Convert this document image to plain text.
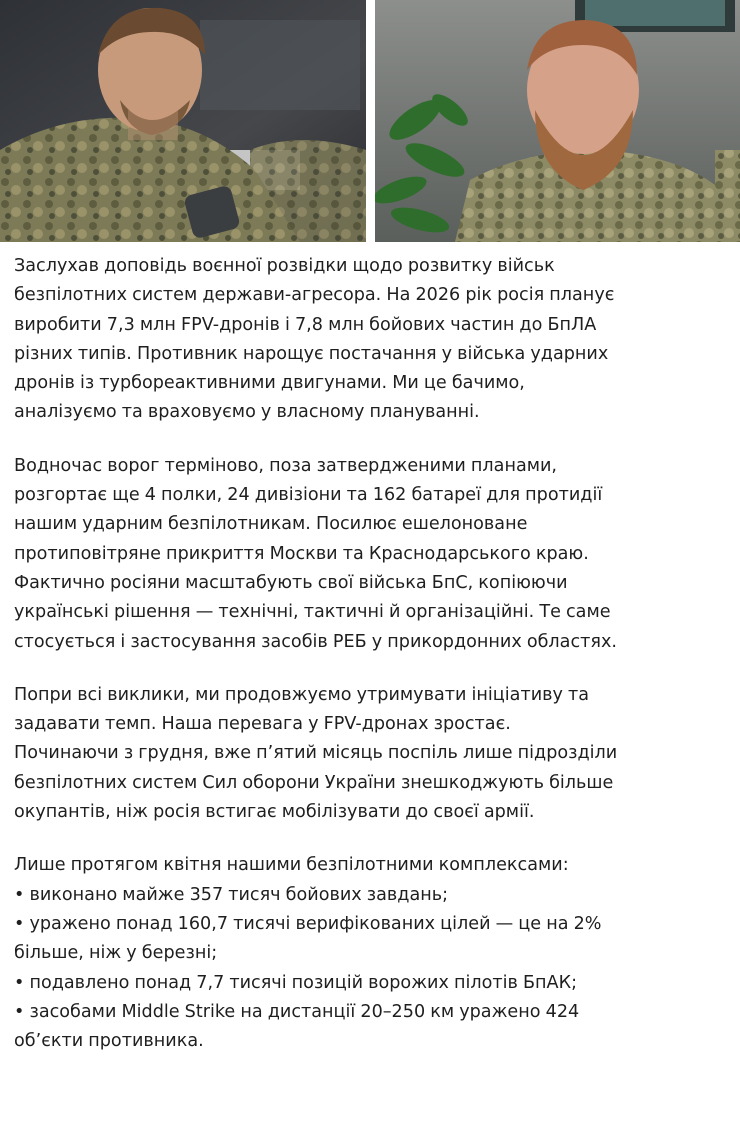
Заслухав доповідь воєнної розвідки щодо розвитку військ
безпілотних систем держави-агресора. На 2026 рік росія планує
виробити 7,3 млн FPV-дронів і 7,8 млн бойових частин до БпЛА
різних типів. Противник нарощує постачання у війська ударних
дронів із турбореактивними двигунами. Ми це бачимо,
аналізуємо та враховуємо у власному плануванні.

Водночас ворог терміново, поза затвердженими планами,
розгортає ще 4 полки, 24 дивізіони та 162 батареї для протидії
нашим ударним безпілотникам. Посилює ешелоноване
протиповітряне прикриття Москви та Краснодарського краю.
Фактично росіяни масштабують свої війська БпС, копіюючи
українські рішення — технічні, тактичні й організаційні. Те саме
стосується і застосування засобів РЕБ у прикордонних областях.

Попри всі виклики, ми продовжуємо утримувати ініціативу та
задавати темп. Наша перевага у FPV-дронах зростає.
Починаючи з грудня, вже п’ятий місяць поспіль лише підрозділи
безпілотних систем Сил оборони України знешкоджують більше
окупантів, ніж росія встигає мобілізувати до своєї армії.

Лише протягом квітня нашими безпілотними комплексами:
• виконано майже 357 тисяч бойових завдань;
• уражено понад 160,7 тисячі верифікованих цілей — це на 2%
більше, ніж у березні;
• подавлено понад 7,7 тисячі позицій ворожих пілотів БпАК;
• засобами Middle Strike на дистанції 20–250 км уражено 424
об’єкти противника.
